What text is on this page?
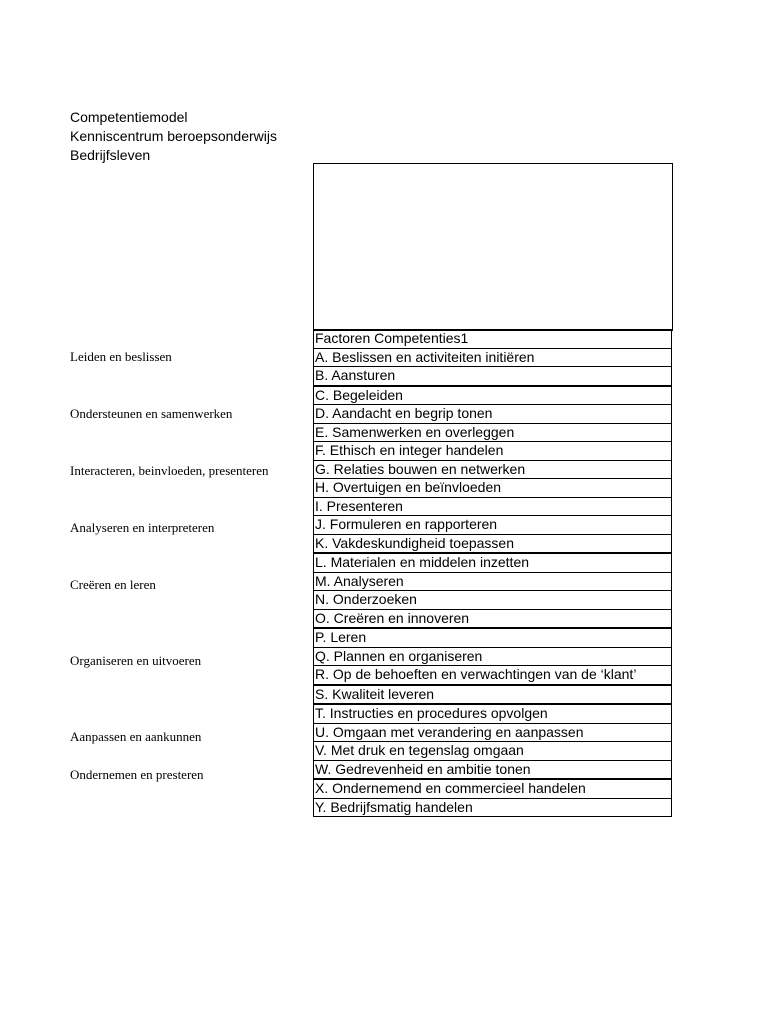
Competentiemodel
Kenniscentrum beroepsonderwijs
Bedrijfsleven
Leiden en beslissen
Ondersteunen en samenwerken
Interacteren, beinvloeden, presenteren
Analyseren en interpreteren
Creëren en leren
Organiseren en uitvoeren
Aanpassen en aankunnen
Ondernemen en presteren
Factoren Competenties1
A. Beslissen en activiteiten initiëren
B. Aansturen
C. Begeleiden
D. Aandacht en begrip tonen
E. Samenwerken en overleggen
F. Ethisch en integer handelen
G. Relaties bouwen en netwerken
H. Overtuigen en beïnvloeden
I. Presenteren
J. Formuleren en rapporteren
K. Vakdeskundigheid toepassen
L. Materialen en middelen inzetten
M. Analyseren
N. Onderzoeken
O. Creëren en innoveren
P. Leren
Q. Plannen en organiseren
R. Op de behoeften en verwachtingen van de ‘klant’
S. Kwaliteit leveren
T. Instructies en procedures opvolgen
U. Omgaan met verandering en aanpassen
V. Met druk en tegenslag omgaan
W. Gedrevenheid en ambitie tonen
X. Ondernemend en commercieel handelen
Y. Bedrijfsmatig handelen
